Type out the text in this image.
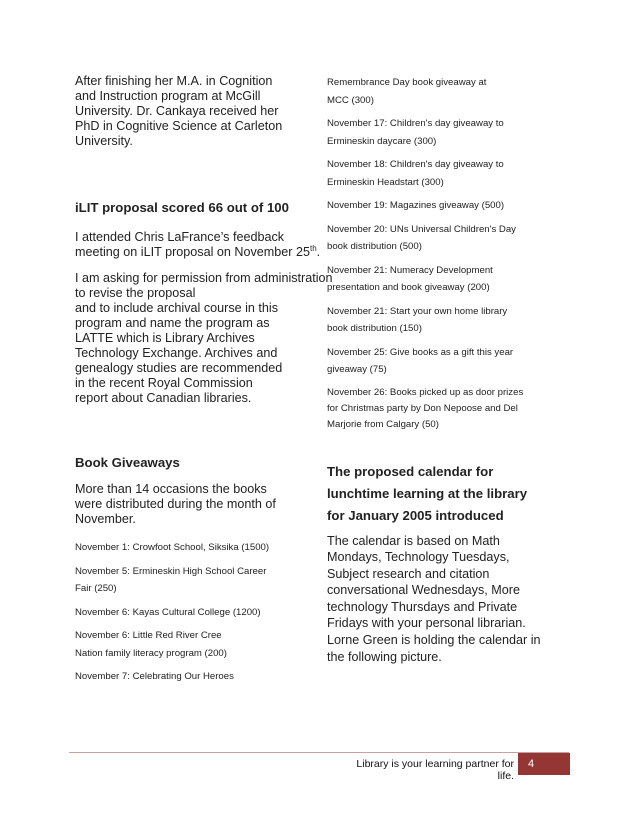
After finishing her M.A. in Cognition
and Instruction program at McGill
University. Dr. Cankaya received her
PhD in Cognitive Science at Carleton
University.

iLIT proposal scored 66 out of 100

I attended Chris LaFrance’s feedback
meeting on iLIT proposal on November 25th.

I am asking for permission from administration
to revise the proposal
and to include archival course in this
program and name the program as
LATTE which is Library Archives
Technology Exchange. Archives and
genealogy studies are recommended
in the recent Royal Commission
report about Canadian libraries.

Book Giveaways

More than 14 occasions the books
were distributed during the month of
November.

November 1: Crowfoot School, Siksika (1500)

November 5: Ermineskin High School Career
Fair (250)

November 6: Kayas Cultural College (1200)

November 6: Little Red River Cree
Nation family literacy program (200)

November 7: Celebrating Our Heroes

Remembrance Day book giveaway at
MCC (300)

November 17: Children's day giveaway to
Ermineskin daycare (300)

November 18: Children's day giveaway to
Ermineskin Headstart (300)

November 19: Magazines giveaway (500)

November 20: UNs Universal Children's Day
book distribution (500)

November 21: Numeracy Development
presentation and book giveaway (200)

November 21: Start your own home library
book distribution (150)

November 25: Give books as a gift this year
giveaway (75)

November 26: Books picked up as door prizes
for Christmas party by Don Nepoose and Del
Marjorie from Calgary (50)

The proposed calendar for
lunchtime learning at the library
for January 2005 introduced

The calendar is based on Math
Mondays, Technology Tuesdays,
Subject research and citation
conversational Wednesdays, More
technology Thursdays and Private
Fridays with your personal librarian.
Lorne Green is holding the calendar in
the following picture.

Library is your learning partner for life.
4
